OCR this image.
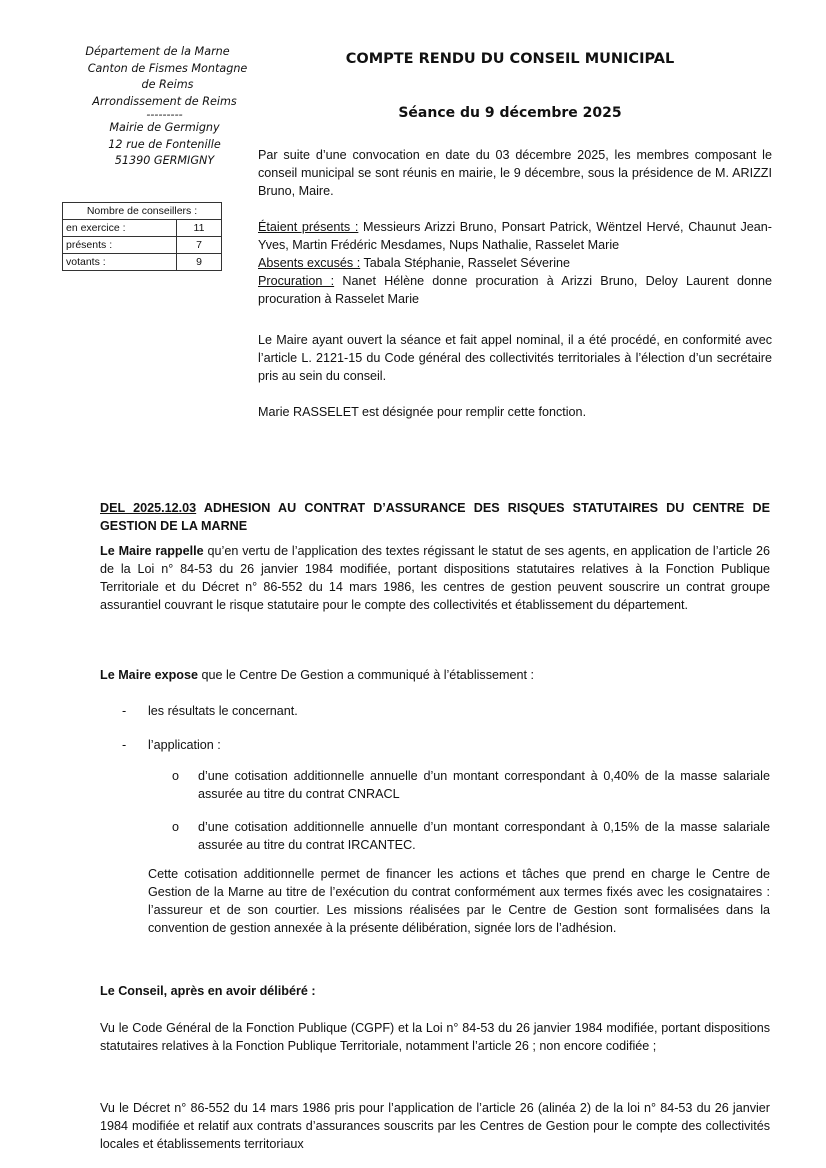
Département de la Marne
Canton de Fismes Montagne
de Reims
Arrondissement de Reims
---------
Mairie de Germigny
12 rue de Fontenille
51390 GERMIGNY
Nombre de conseillers :	
en exercice :	11
présents :	7
votants :	9
COMPTE RENDU DU CONSEIL MUNICIPAL
Séance du 9 décembre 2025

Par suite d’une convocation en date du 03 décembre 2025, les membres composant le conseil municipal se sont réunis en mairie, le 9 décembre, sous la présidence de M. ARIZZI Bruno, Maire.

Étaient présents : Messieurs Arizzi Bruno, Ponsart Patrick, Wëntzel Hervé, Chaunut Jean-Yves, Martin Frédéric Mesdames, Nups Nathalie, Rasselet Marie

Absents excusés : Tabala Stéphanie, Rasselet Séverine

Procuration : Nanet Hélène donne procuration à Arizzi Bruno, Deloy Laurent donne procuration à Rasselet Marie

Le Maire ayant ouvert la séance et fait appel nominal, il a été procédé, en conformité avec l’article L. 2121-15 du Code général des collectivités territoriales à l’élection d’un secrétaire pris au sein du conseil.

Marie RASSELET est désignée pour remplir cette fonction.

DEL 2025.12.03 ADHESION AU CONTRAT D’ASSURANCE DES RISQUES STATUTAIRES DU CENTRE DE GESTION DE LA MARNE

Le Maire rappelle qu’en vertu de l’application des textes régissant le statut de ses agents, en application de l’article 26 de la Loi n° 84-53 du 26 janvier 1984 modifiée, portant dispositions statutaires relatives à la Fonction Publique Territoriale et du Décret n° 86-552 du 14 mars 1986, les centres de gestion peuvent souscrire un contrat groupe assurantiel couvrant le risque statutaire pour le compte des collectivités et établissement du département.

Le Maire expose que le Centre De Gestion a communiqué à l’établissement :

- les résultats le concernant.
- l’application :
o d’une cotisation additionnelle annuelle d’un montant correspondant à 0,40% de la masse salariale assurée au titre du contrat CNRACL

o d’une cotisation additionnelle annuelle d’un montant correspondant à 0,15% de la masse salariale assurée au titre du contrat IRCANTEC.

Cette cotisation additionnelle permet de financer les actions et tâches que prend en charge le Centre de Gestion de la Marne au titre de l’exécution du contrat conformément aux termes fixés avec les cosignataires : l’assureur et de son courtier. Les missions réalisées par le Centre de Gestion sont formalisées dans la convention de gestion annexée à la présente délibération, signée lors de l’adhésion.

Le Conseil, après en avoir délibéré :

Vu le Code Général de la Fonction Publique (CGPF) et la Loi n° 84-53 du 26 janvier 1984 modifiée, portant dispositions statutaires relatives à la Fonction Publique Territoriale, notamment l’article 26 ; non encore codifiée ;

Vu le Décret n° 86-552 du 14 mars 1986 pris pour l’application de l’article 26 (alinéa 2) de la loi n° 84-53 du 26 janvier 1984 modifiée et relatif aux contrats d’assurances souscrits par les Centres de Gestion pour le compte des collectivités locales et établissements territoriaux
